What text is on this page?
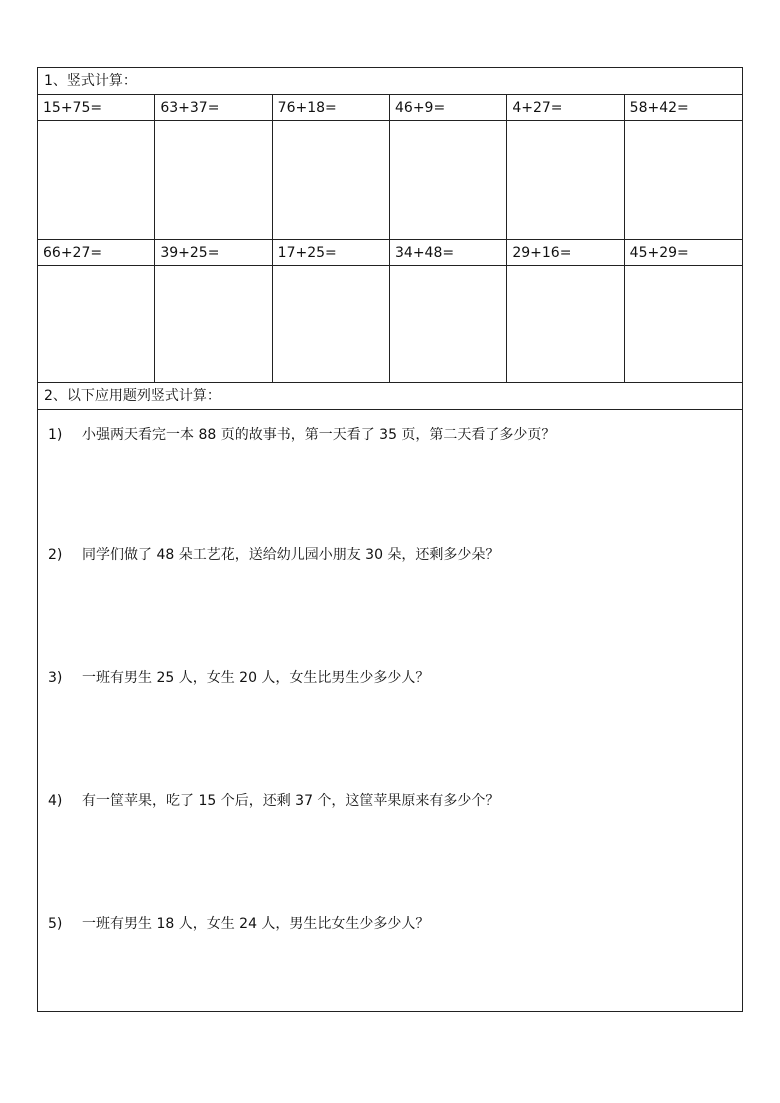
1、竖式计算：
15+75=	63+37=	76+18=	46+9=	4+27=	58+42=
66+27=	39+25=	17+25=	34+48=	29+16=	45+29=
2、以下应用题列竖式计算：
1) 小强两天看完一本 88 页的故事书，第一天看了 35 页，第二天看了多少页？
2) 同学们做了 48 朵工艺花，送给幼儿园小朋友 30 朵，还剩多少朵？
3) 一班有男生 25 人，女生 20 人，女生比男生少多少人？
4) 有一筐苹果，吃了 15 个后，还剩 37 个，这筐苹果原来有多少个？
5) 一班有男生 18 人，女生 24 人，男生比女生少多少人？
